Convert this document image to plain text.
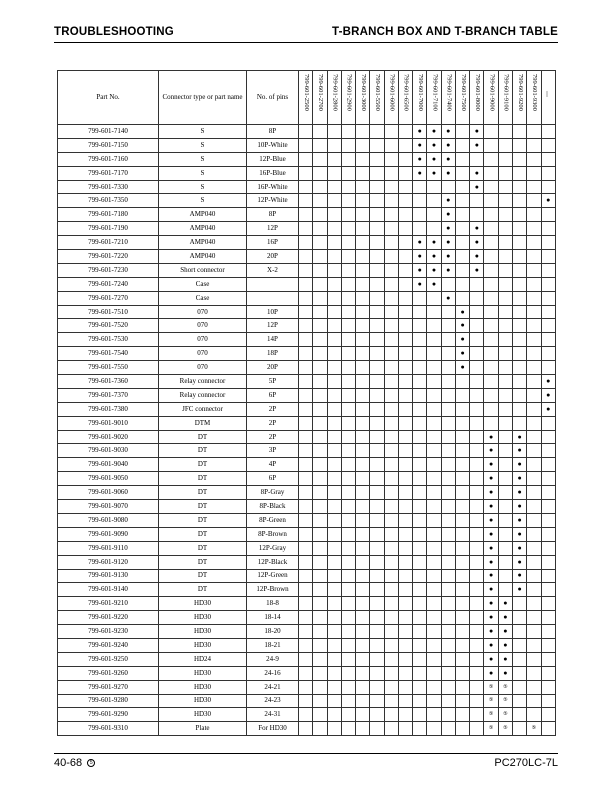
TROUBLESHOOTING	T-BRANCH BOX AND T-BRANCH TABLE
Part No.	Connector type or part name	No. of pins	799-601-2500	799-601-2700	799-601-2800	799-601-2900	799-601-3000	799-601-5500	799-601-6000	799-601-6500	799-601-7000	799-601-7100	799-601-7400	799-601-7500	799-601-8000	799-601-9000	799-601-9100	799-601-9200	799-601-9300	...

799-601-7140	S	8P									●	●	●		●					
799-601-7150	S	10P-White									●	●	●		●					
799-601-7160	S	12P-Blue									●	●	●							
799-601-7170	S	16P-Blue									●	●	●		●					
799-601-7330	S	16P-White													●					
799-601-7350	S	12P-White											●							●
799-601-7180	AMP040	8P											●							
799-601-7190	AMP040	12P											●		●					
799-601-7210	AMP040	16P									●	●	●		●					
799-601-7220	AMP040	20P									●	●	●		●					
799-601-7230	Short connector	X-2									●	●	●		●					
799-601-7240	Case										●	●								
799-601-7270	Case												●							
799-601-7510	070	10P												●						
799-601-7520	070	12P												●						
799-601-7530	070	14P												●						
799-601-7540	070	18P												●						
799-601-7550	070	20P												●						
799-601-7360	Relay connector	5P																		●
799-601-7370	Relay connector	6P																		●
799-601-7380	JFC connector	2P																		●
799-601-9010	DTM	2P																		
799-601-9020	DT	2P														●		●		
799-601-9030	DT	3P														●		●		
799-601-9040	DT	4P														●		●		
799-601-9050	DT	6P														●		●		
799-601-9060	DT	8P-Gray														●		●		
799-601-9070	DT	8P-Black														●		●		
799-601-9080	DT	8P-Green														●		●		
799-601-9090	DT	8P-Brown														●		●		
799-601-9110	DT	12P-Gray														●		●		
799-601-9120	DT	12P-Black														●		●		
799-601-9130	DT	12P-Green														●		●		
799-601-9140	DT	12P-Brown														●		●		
799-601-9210	HD30	18-8														●	●			
799-601-9220	HD30	18-14														●	●			
799-601-9230	HD30	18-20														●	●			
799-601-9240	HD30	18-21														●	●			
799-601-9250	HD24	24-9														●	●			
799-601-9260	HD30	24-16														●	●			
799-601-9270	HD30	24-21														⑤	⑤			
799-601-9280	HD30	24-23														⑤	⑤			
799-601-9290	HD30	24-31														⑤	⑤			
799-601-9310	Plate	For HD30														⑤	⑤		⑤	
40-68 5	PC270LC-7L
